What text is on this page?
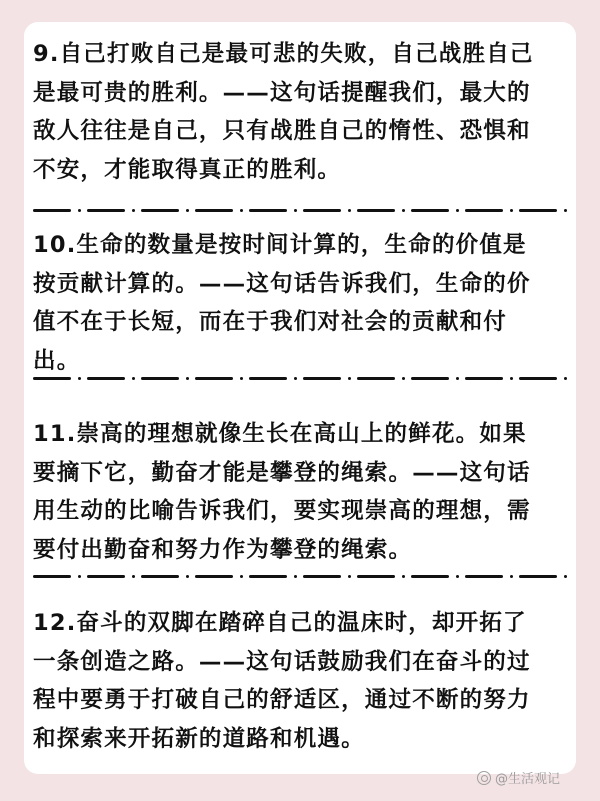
9.自己打败自己是最可悲的失败，自己战胜自己
是最可贵的胜利。——这句话提醒我们，最大的
敌人往往是自己，只有战胜自己的惰性、恐惧和
不安，才能取得真正的胜利。

10.生命的数量是按时间计算的，生命的价值是
按贡献计算的。——这句话告诉我们，生命的价
值不在于长短，而在于我们对社会的贡献和付
出。

11.崇高的理想就像生长在高山上的鲜花。如果
要摘下它，勤奋才能是攀登的绳索。——这句话
用生动的比喻告诉我们，要实现崇高的理想，需
要付出勤奋和努力作为攀登的绳索。

12.奋斗的双脚在踏碎自己的温床时，却开拓了
一条创造之路。——这句话鼓励我们在奋斗的过
程中要勇于打破自己的舒适区，通过不断的努力
和探索来开拓新的道路和机遇。

@生活观记
